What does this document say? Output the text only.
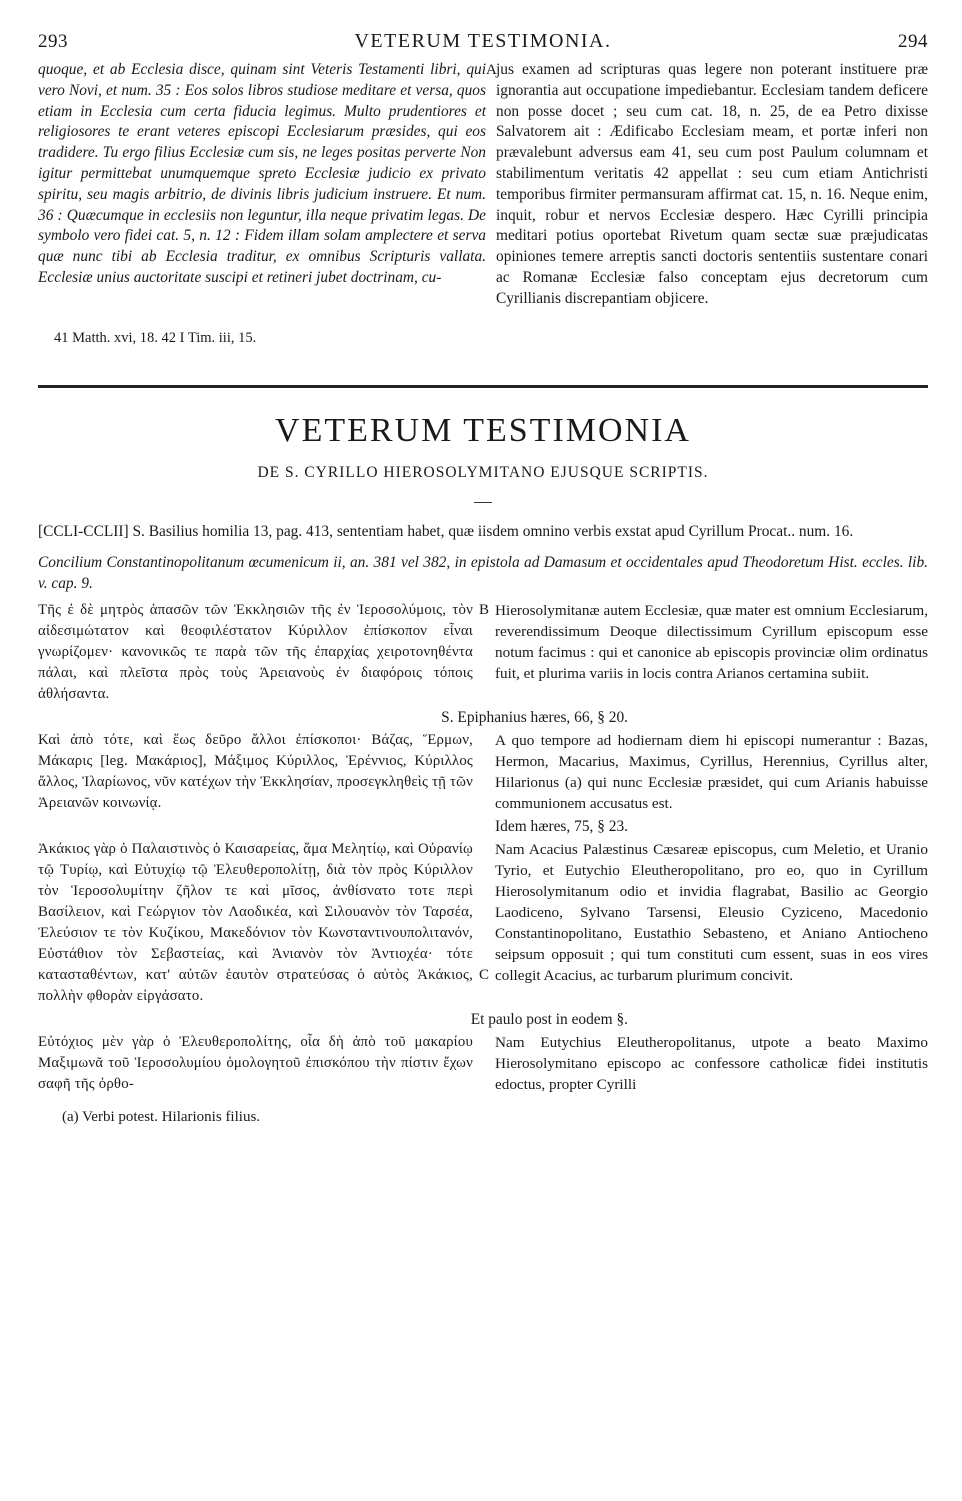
293	VETERUM TESTIMONIA.	294

quoque, et ab Ecclesia disce, quinam sint Veteris Testamenti libri, qui vero Novi, et num. 35 : Eos solos libros studiose meditare et versa, quos etiam in Ecclesia cum certa fiducia legimus. Multo prudentiores et religiosores te erant veteres episcopi Ecclesiarum præsides, qui eos tradidere. Tu ergo filius Ecclesiæ cum sis, ne leges positas perverte Non igitur permittebat unumquemque spreto Ecclesiæ judicio ex privato spiritu, seu magis arbitrio, de divinis libris judicium instruere. Et num. 36 : Quæcumque in ecclesiis non leguntur, illa neque privatim legas. De symbolo vero fidei cat. 5, n. 12 : Fidem illam solam amplectere et serva quæ nunc tibi ab Ecclesia traditur, ex omnibus Scripturis vallata. Ecclesiæ unius auctoritate suscipi et retineri jubet doctrinam, cu-

A jus examen ad scripturas quas legere non poterant instituere præ ignorantia aut occupatione impediebantur. Ecclesiam tandem deficere non posse docet ; seu cum cat. 18, n. 25, de ea Petro dixisse Salvatorem ait : Ædificabo Ecclesiam meam, et portæ inferi non prævalebunt adversus eam 41, seu cum post Paulum columnam et stabilimentum veritatis 42 appellat : seu cum etiam Antichristi temporibus firmiter permansuram affirmat cat. 15, n. 16. Neque enim, inquit, robur et nervos Ecclesiæ despero. Hæc Cyrilli principia meditari potius oportebat Rivetum quam sectæ suæ præjudicatas opiniones temere arreptis sancti doctoris sententiis sustentare conari ac Romanæ Ecclesiæ falso conceptam ejus decretorum cum Cyrillianis discrepantiam objicere.

41 Matth. xvi, 18. 42 I Tim. iii, 15.
VETERUM TESTIMONIA
DE S. CYRILLO HIEROSOLYMITANO EJUSQUE SCRIPTIS.
[CCLI-CCLII] S. Basilius homilia 13, pag. 413, sententiam habet, quæ iisdem omnino verbis exstat apud Cyrillum Procat.. num. 16.
Concilium Constantinopolitanum œcumenicum ii, an. 381 vel 382, in epistola ad Damasum et occidentales apud Theodoretum Hist. eccles. lib. v. cap. 9.
Τῆς ἐ δὲ μητρὸς ἁπασῶν τῶν Ἐκκλησιῶν τῆς ἐν Ἱεροσολύμοις, τὸν αἰδεσιμώτατον καὶ θεοφιλέστατον Κύριλλον ἐπίσκοπον εἶναι γνωρίζομεν· κανονικῶς τε παρὰ τῶν τῆς ἐπαρχίας χειροτονηθέντα πάλαι, καὶ πλεῖστα πρὸς τοὺς Ἀρειανοὺς ἐν διαφόροις τόποις ἀθλήσαντα.
B Hierosolymitanæ autem Ecclesiæ, quæ mater est omnium Ecclesiarum, reverendissimum Deoque dilectissimum Cyrillum episcopum esse notum facimus : qui et canonice ab episcopis provinciæ olim ordinatus fuit, et plurima variis in locis contra Arianos certamina subiit.
S. Epiphanius hæres, 66, § 20.
Καὶ ἀπὸ τότε, καὶ ἕως δεῦρο ἄλλοι ἐπίσκοποι· Βάζας, Ἕρμων, Μάκαρις [leg. Μακάριος], Μάξιμος Κύριλλος, Ἐρέννιος, Κύριλλος ἄλλος, Ἱλαρίωνος, νῦν κατέχων τὴν Ἐκκλησίαν, προσεγκληθεὶς τῇ τῶν Ἀρειανῶν κοινωνίᾳ.
A quo tempore ad hodiernam diem hi episcopi numerantur : Bazas, Hermon, Macarius, Maximus, Cyrillus, Herennius, Cyrillus alter, Hilarionus (a) qui nunc Ecclesiæ præsidet, qui cum Arianis habuisse communionem accusatus est.
Idem hæres, 75, § 23.
Ἀκάκιος γὰρ ὁ Παλαιστινὸς ὁ Καισαρείας, ἅμα Μελητίῳ, καὶ Οὐρανίῳ τῷ Τυρίῳ, καὶ Εὐτυχίῳ τῷ Ἐλευθεροπολίτῃ, διὰ τὸν πρὸς Κύριλλον τὸν Ἱεροσολυμίτην ζῆλον τε καὶ μῖσος, ἀνθίσνατο τοτε περὶ Βασίλειον, καὶ Γεώργιον τὸν Λαοδικέα, καὶ Σιλουανὸν τὸν Ταρσέα, Ἐλεύσιον τε τὸν Κυζίκου, Μακεδόνιον τὸν Κωνσταντινουπολιτανόν, Εὐστάθιον τὸν Σεβαστείας, καὶ Ἀνιανὸν τὸν Ἀντιοχέα· τότε κατασταθέντων, κατ' αὐτῶν ἑαυτὸν στρατεύσας ὁ αὐτὸς Ἀκάκιος, πολλὴν φθορὰν εἰργάσατο.
C
Nam Acacius Palæstinus Cæsareæ episcopus, cum Meletio, et Uranio Tyrio, et Eutychio Eleutheropolitano, pro eo, quo in Cyrillum Hierosolymitanum odio et invidia flagrabat, Basilio ac Georgio Laodiceno, Sylvano Tarsensi, Eleusio Cyziceno, Macedonio Constantinopolitano, Eustathio Sebasteno, et Aniano Antiocheno seipsum opposuit ; qui tum constituti cum essent, suas in eos vires collegit Acacius, ac turbarum plurimum concivit.
Et paulo post in eodem §.
Εὐτόχιος μὲν γὰρ ὁ Ἐλευθεροπολίτης, οἷα δὴ ἀπὸ τοῦ μακαρίου Μαξιμωνᾶ τοῦ Ἱεροσολυμίου ὁμολογητοῦ ἐπισκόπου τὴν πίστιν ἔχων σαφῆ τῆς ὀρθο-
Nam Eutychius Eleutheropolitanus, utpote a beato Maximo Hierosolymitano episcopo ac confessore catholicæ fidei institutis edoctus, propter Cyrilli
(a) Verbi potest. Hilarionis filius.
